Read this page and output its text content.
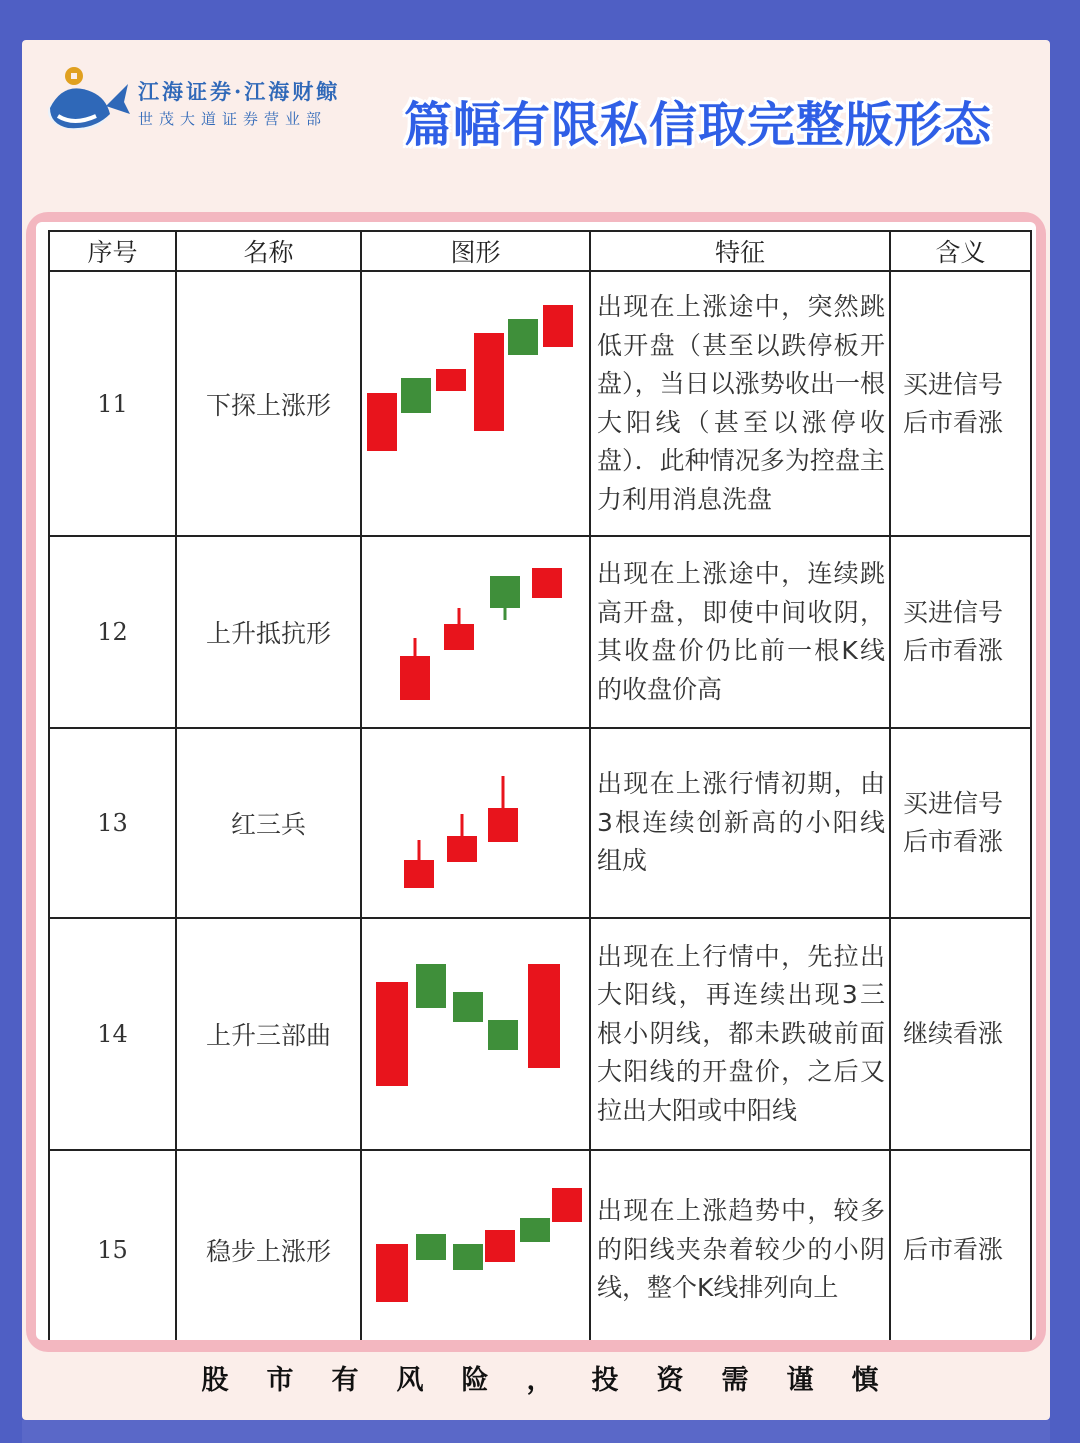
江海证券·江海财鲸
世茂大道证券营业部 篇幅有限私信取完整版形态
序号	名称	图形	特征	含义
11	下探上涨形		出现在上涨途中，突然跳低开盘（甚至以跌停板开盘），当日以涨势收出一根大阳线（甚至以涨停收盘）．此种情况多为控盘主力利用消息洗盘	买进信号
后市看涨

12	上升抵抗形		出现在上涨途中，连续跳高开盘，即使中间收阴，其收盘价仍比前一根K线的收盘价高	买进信号
后市看涨

13	红三兵		出现在上涨行情初期，由3根连续创新高的小阳线组成	买进信号
后市看涨

14	上升三部曲		出现在上行情中，先拉出大阳线，再连续出现3三根小阴线，都未跌破前面大阳线的开盘价，之后又拉出大阳或中阳线	继续看涨

15	稳步上涨形		出现在上涨趋势中，较多的阳线夹杂着较少的小阴线，整个K线排列向上	后市看涨
股市有风险，投资需谨慎
